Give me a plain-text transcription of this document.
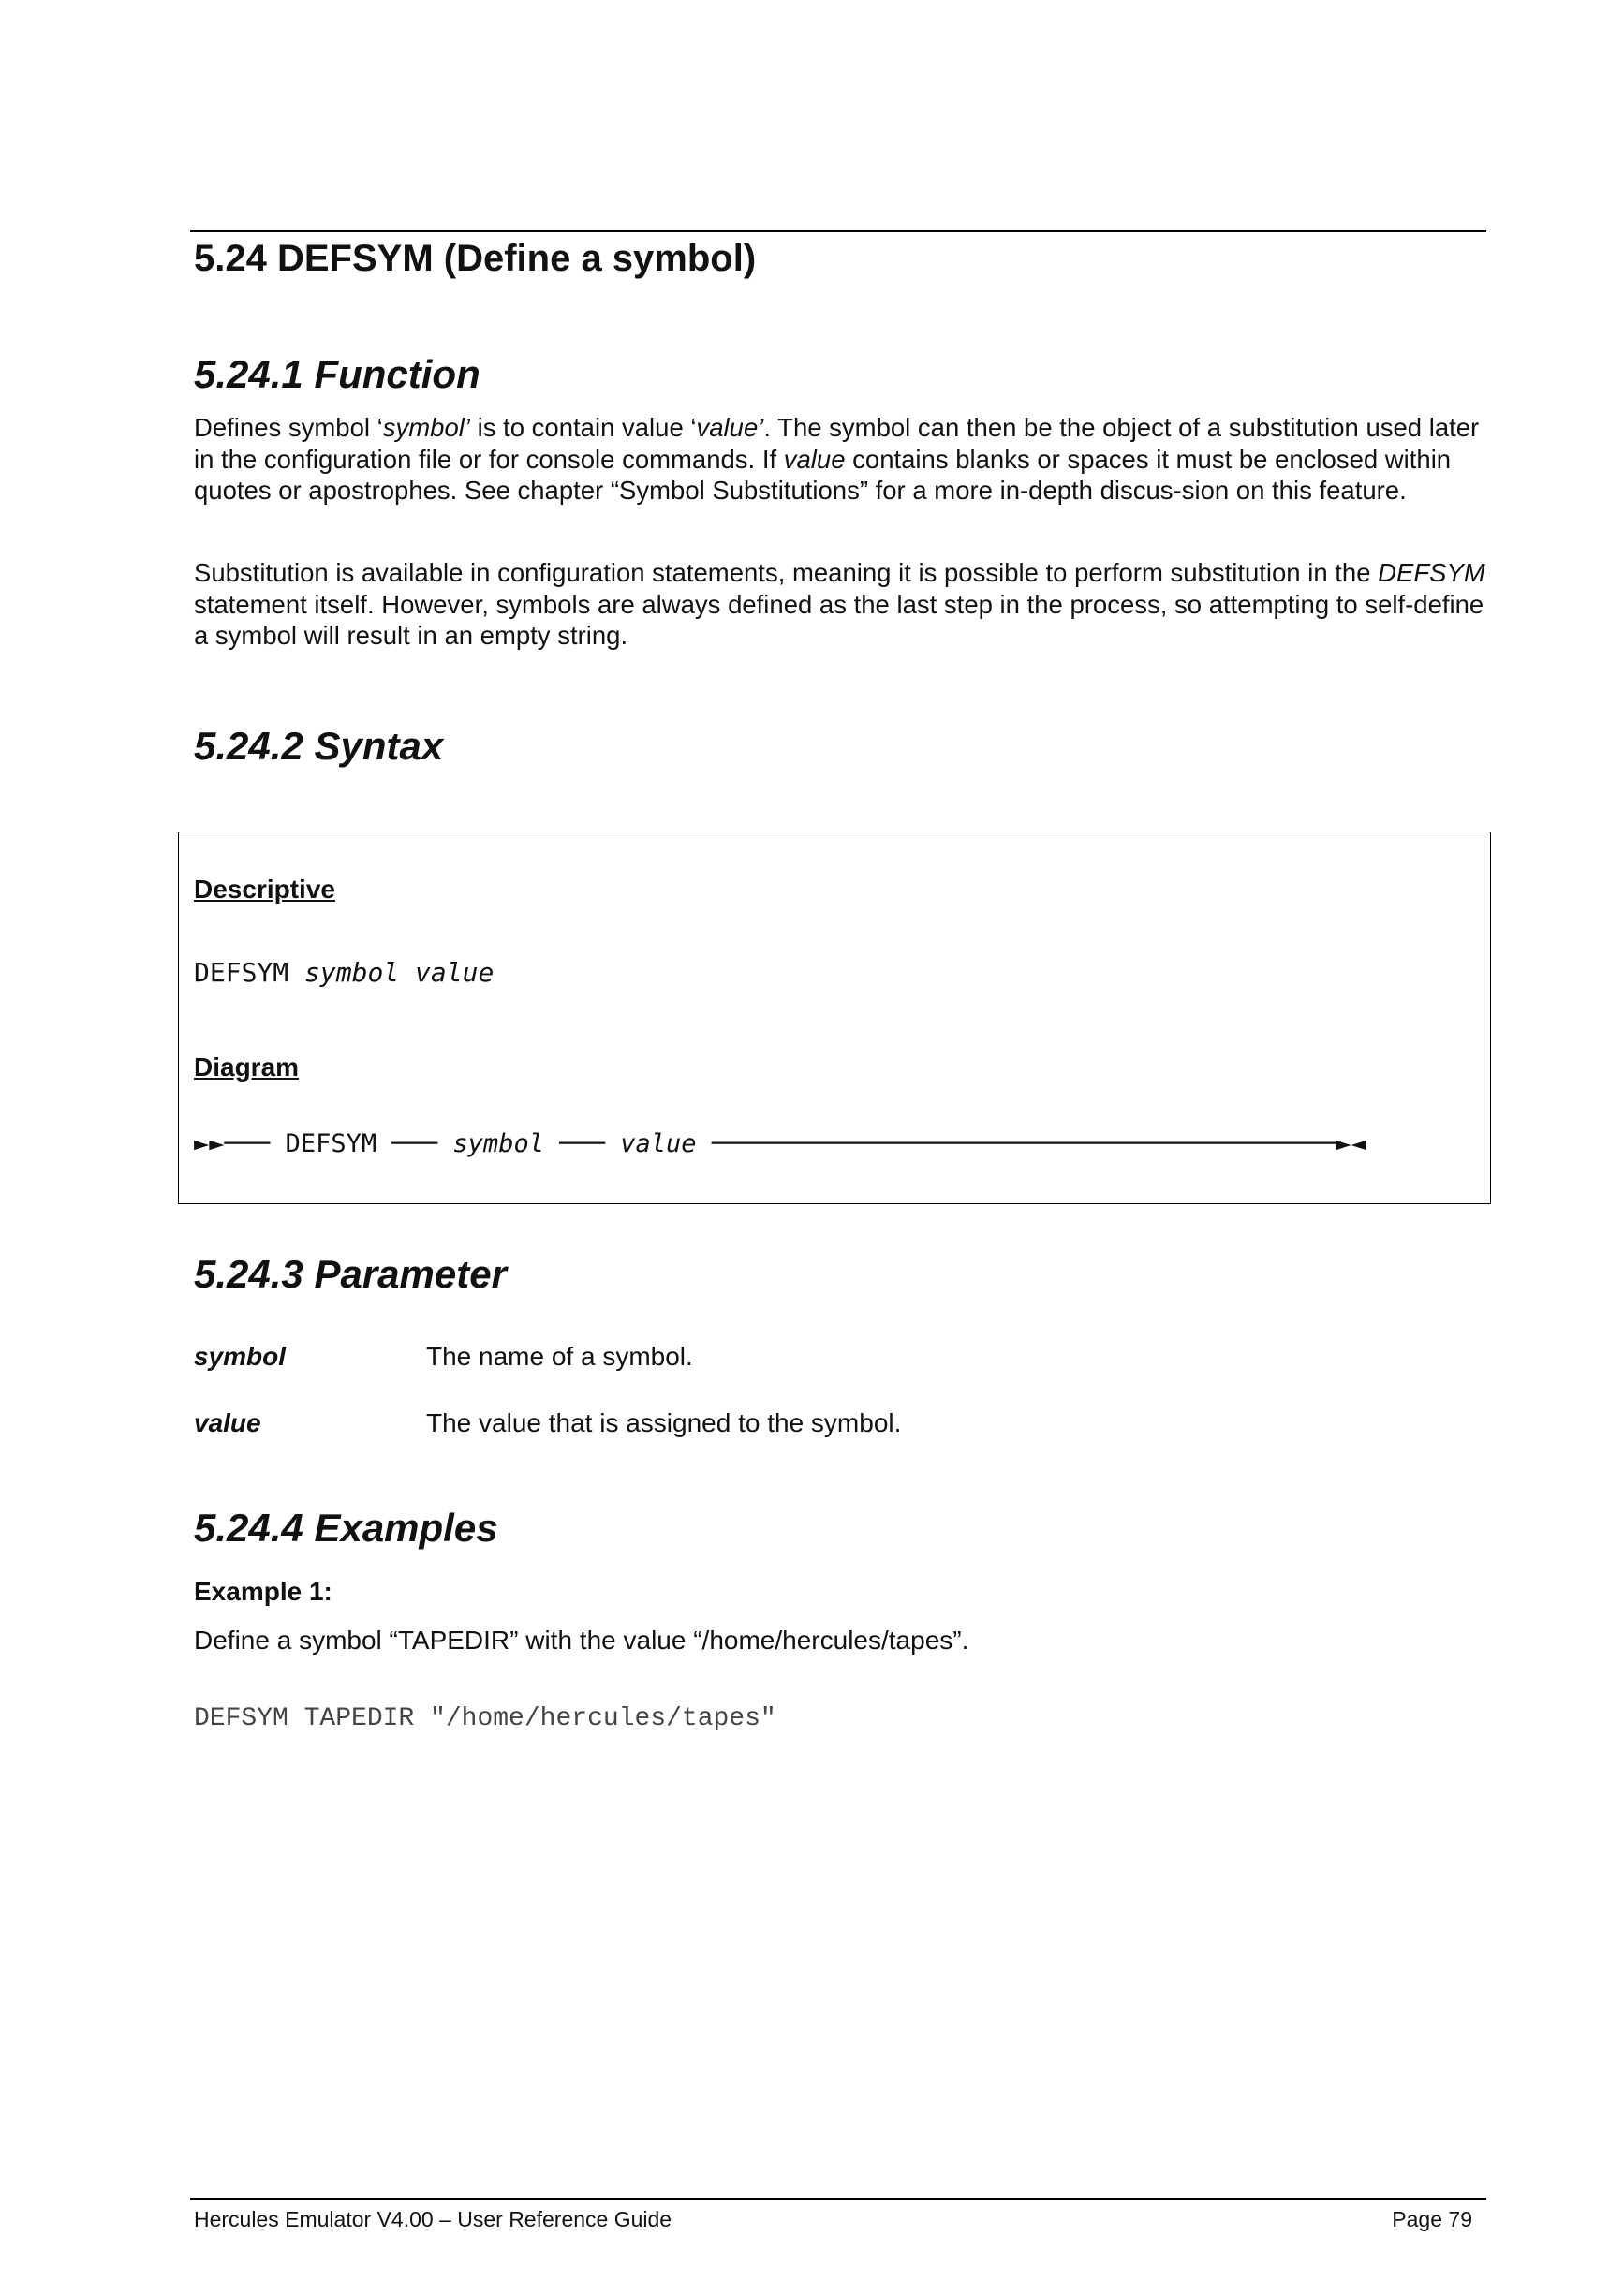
5.24 DEFSYM (Define a symbol)
5.24.1 Function

Defines symbol ‘symbol’ is to contain value ‘value’. The symbol can then be the object of a substitution used later in the configuration file or for console commands. If value contains blanks or spaces it must be enclosed within quotes or apostrophes. See chapter “Symbol Substitutions” for a more in-depth discus-sion on this feature.

Substitution is available in configuration statements, meaning it is possible to perform substitution in the DEFSYM statement itself. However, symbols are always defined as the last step in the process, so attempting to self-define a symbol will result in an empty string.

5.24.2 Syntax
Descriptive
DEFSYM symbol value
Diagram
►►─── DEFSYM ─── symbol ─── value ─────────────────────────────────────────►◄
5.24.3 Parameter
symbol	The name of a symbol.
value	The value that is assigned to the symbol.
5.24.4 Examples
Example 1:
Define a symbol “TAPEDIR” with the value “/home/hercules/tapes”.
DEFSYM TAPEDIR "/home/hercules/tapes"
Hercules Emulator V4.00 – User Reference Guide	Page 79
